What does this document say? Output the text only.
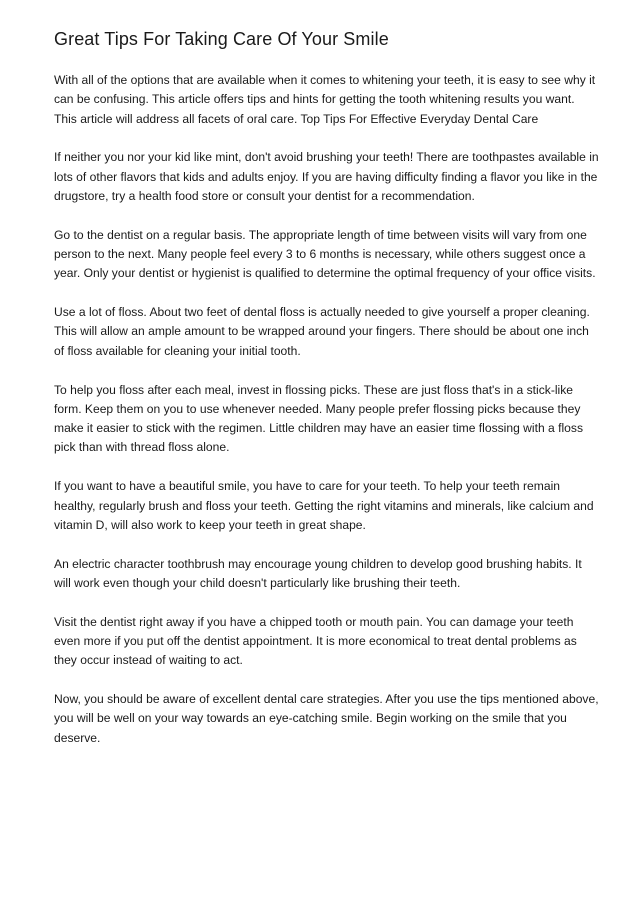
Great Tips For Taking Care Of Your Smile

With all of the options that are available when it comes to whitening your teeth, it is easy to see why it can be confusing. This article offers tips and hints for getting the tooth whitening results you want. This article will address all facets of oral care. Top Tips For Effective Everyday Dental Care

If neither you nor your kid like mint, don't avoid brushing your teeth! There are toothpastes available in lots of other flavors that kids and adults enjoy. If you are having difficulty finding a flavor you like in the drugstore, try a health food store or consult your dentist for a recommendation.

Go to the dentist on a regular basis. The appropriate length of time between visits will vary from one person to the next. Many people feel every 3 to 6 months is necessary, while others suggest once a year. Only your dentist or hygienist is qualified to determine the optimal frequency of your office visits.

Use a lot of floss. About two feet of dental floss is actually needed to give yourself a proper cleaning. This will allow an ample amount to be wrapped around your fingers. There should be about one inch of floss available for cleaning your initial tooth.

To help you floss after each meal, invest in flossing picks. These are just floss that's in a stick-like form. Keep them on you to use whenever needed. Many people prefer flossing picks because they make it easier to stick with the regimen. Little children may have an easier time flossing with a floss pick than with thread floss alone.

If you want to have a beautiful smile, you have to care for your teeth. To help your teeth remain healthy, regularly brush and floss your teeth. Getting the right vitamins and minerals, like calcium and vitamin D, will also work to keep your teeth in great shape.

An electric character toothbrush may encourage young children to develop good brushing habits. It will work even though your child doesn't particularly like brushing their teeth.

Visit the dentist right away if you have a chipped tooth or mouth pain. You can damage your teeth even more if you put off the dentist appointment. It is more economical to treat dental problems as they occur instead of waiting to act.

Now, you should be aware of excellent dental care strategies. After you use the tips mentioned above, you will be well on your way towards an eye-catching smile. Begin working on the smile that you deserve.
